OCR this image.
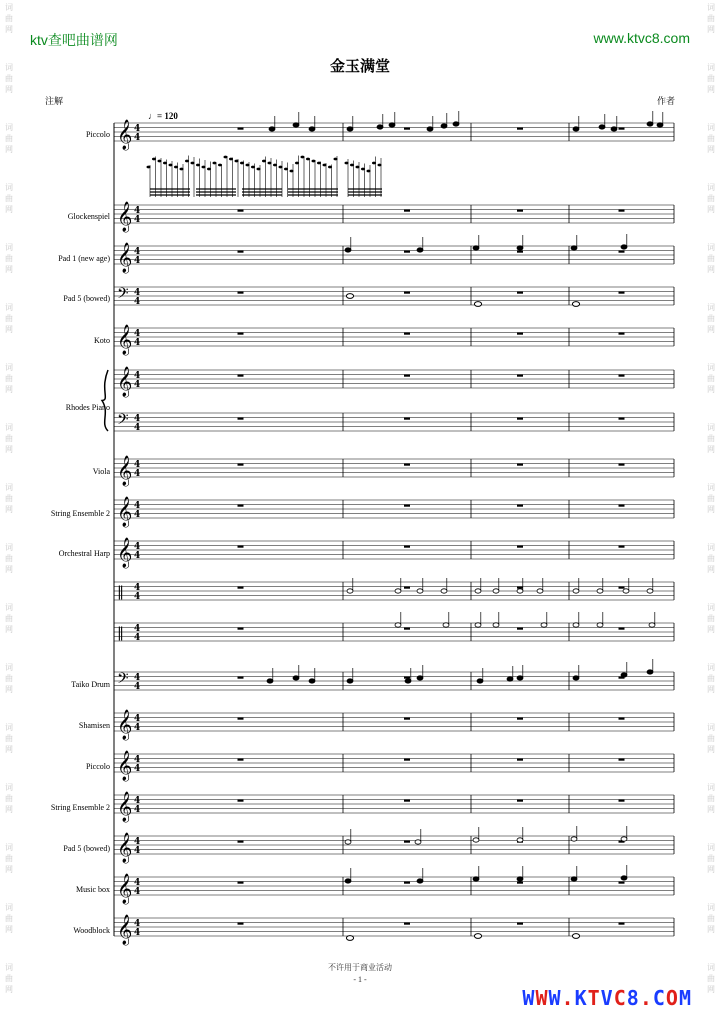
ktv查吧曲谱网	www.ktvc8.com
金玉满堂
注解	作者
♩= 120
Piccolo
Glockenspiel
Pad 1 (new age)
Pad 5 (bowed)
Koto
Rhodes Piano
Viola
String Ensemble 2
Orchestral Harp
Taiko Drum
Shamisen
Piccolo
String Ensemble 2
Pad 5 (bowed)
Music box
Woodblock
𝄞 4
4
𝄞 4
4
𝄞 4
4
𝄢 4
4
𝄞 4
4
𝄞 4
4
𝄢 4
4
𝄞 4
4
𝄞 4
4
𝄞 4
4
‖ 4
4
‖ 4
4
𝄢 4
4
𝄞 4
4
𝄞 4
4
𝄞 4
4
𝄞 4
4
𝄞 4
4
𝄞 4
4
词
曲
网
词
曲
网
词
曲
网
词
曲
网
词
曲
网
词
曲
网
词
曲
网
词
曲
网
词
曲
网
词
曲
网
词
曲
网
词
曲
网
词
曲
网
词
曲
网
词
曲
网
词
曲
网
词
曲
网
词
曲
网
词
曲
网
词
曲
网
词
曲
网
词
曲
网
词
曲
网
词
曲
网
词
曲
网
词
曲
网
词
曲
网
词
曲
网
词
曲
网
词
曲
网
词
曲
网
词
曲
网
词
曲
网
词
曲
网
不许用于商业活动
- 1 -
WWW.KTVC8.COM
